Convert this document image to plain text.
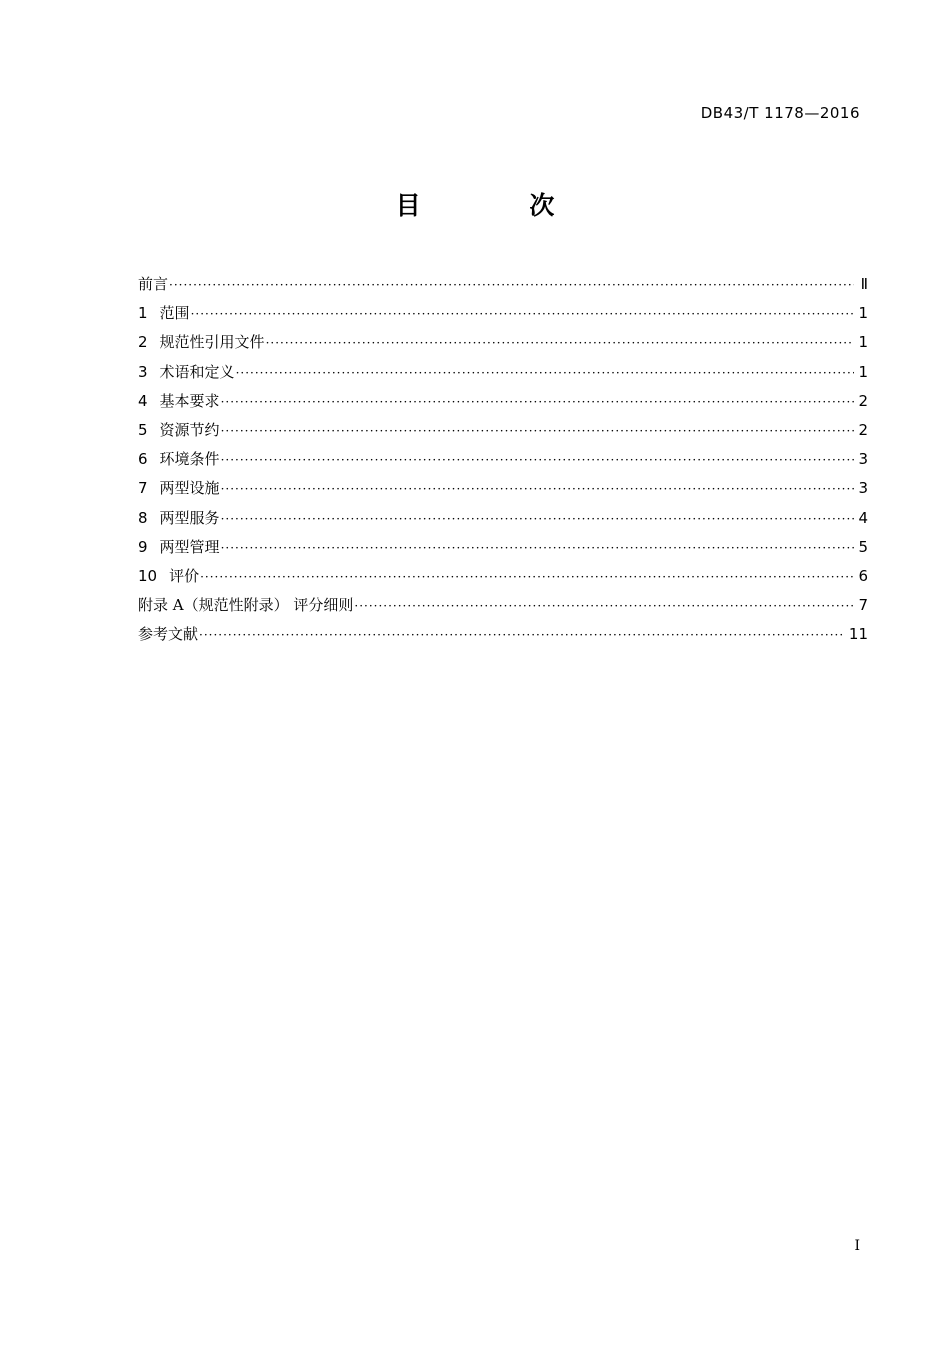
DB43/T 1178—2016
目 次
前言 ·····	Ⅱ
1 范围 ·····	1
2 规范性引用文件 ·····	1
3 术语和定义 ·····	1
4 基本要求 ·····	2
5 资源节约 ·····	2
6 环境条件 ·····	3
7 两型设施 ·····	3
8 两型服务 ·····	4
9 两型管理 ·····	5
10 评价 ·····	6
附录 A（规范性附录） 评分细则 ·····	7
参考文献 ·····	11
I
